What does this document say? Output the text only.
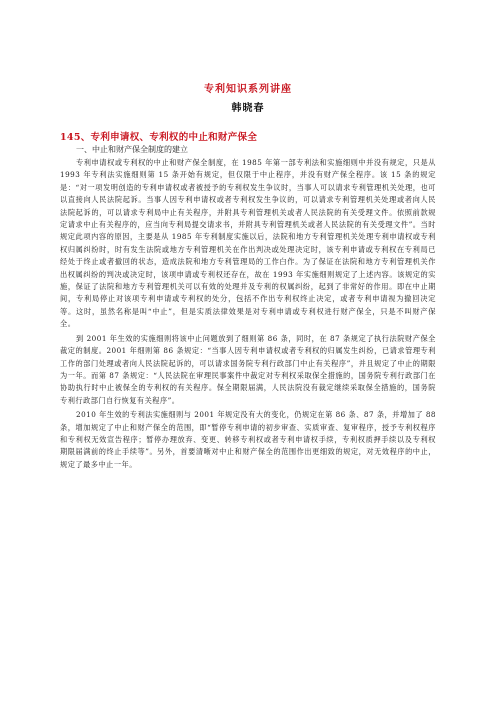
专利知识系列讲座
韩晓春
145、专利申请权、专利权的中止和财产保全
一、中止和财产保全制度的建立

专利申请权或专利权的中止和财产保全制度，在 1985 年第一部专利法和实施细则中并没有规定，只是从 1993 年专利法实施细则第 15 条开始有规定，但仅限于中止程序，并没有财产保全程序。该 15 条的规定是：“对一项发明创造的专利申请权或者被授予的专利权发生争议时，当事人可以请求专利管理机关处理，也可以直接向人民法院起诉。当事人因专利申请权或者专利权发生争议的，可以请求专利管理机关处理或者向人民法院起诉的，可以请求专利局中止有关程序，并附具专利管理机关或者人民法院的有关受理文件。依照前款规定请求中止有关程序的，应当向专利局提交请求书，并附具专利管理机关或者人民法院的有关受理文件”。当时规定此项内容的原因，主要是从 1985 年专利制度实施以后，法院和地方专利管理机关处理专利申请权或专利权归属纠纷时，时有发生法院或地方专利管理机关在作出判决或处理决定时，该专利申请或专利权在专利局已经处于终止或者撤回的状态，造成法院和地方专利管理局的工作白作。为了保证在法院和地方专利管理机关作出权属纠纷的判决或决定时，该项申请或专利权还存在，故在 1993 年实施细则规定了上述内容。该规定的实施，保证了法院和地方专利管理机关可以有效的处理并及专利的权属纠纷，起到了非常好的作用。即在中止期间，专利局停止对该项专利申请或专利权的处分，包括不作出专利权终止决定，或者专利申请视为撤回决定等。这时，虽然名称是叫“中止”，但是实质法律效果是对专利申请或专利权进行财产保全，只是不叫财产保全。

到 2001 年生效的实施细则将该中止问题放到了细则第 86 条，同时，在 87 条规定了执行法院财产保全裁定的制度。2001 年细则第 86 条规定：“当事人因专利申请权或者专利权的归属发生纠纷，已请求管理专利工作的部门处理或者向人民法院起诉的，可以请求国务院专利行政部门中止有关程序”，并且规定了中止的期限为一年。而第 87 条规定：“人民法院在审理民事案件中裁定对专利权采取保全措施的，国务院专利行政部门在协助执行时中止被保全的专利权的有关程序。保全期限届满，人民法院没有裁定继续采取保全措施的，国务院专利行政部门自行恢复有关程序”。

2010 年生效的专利法实施细则与 2001 年规定没有大的变化，仍规定在第 86 条、87 条，并增加了 88 条，增加规定了中止和财产保全的范围，即“暂停专利申请的初步审查、实质审查、复审程序，授予专利权程序和专利权无效宣告程序；暂停办理放弃、变更、转移专利权或者专利申请权手续，专利权质押手续以及专利权期限届满前的终止手续等”。另外，首要清晰对中止和财产保全的范围作出更细致的规定，对无效程序的中止，规定了最多中止一年。
